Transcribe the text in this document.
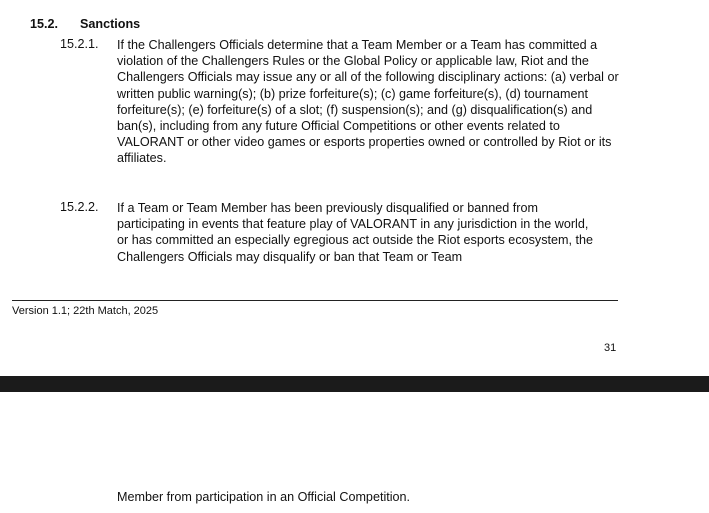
15.2. Sanctions
15.2.1. If the Challengers Officials determine that a Team Member or a Team has committed a violation of the Challengers Rules or the Global Policy or applicable law, Riot and the Challengers Officials may issue any or all of the following disciplinary actions: (a) verbal or written public warning(s); (b) prize forfeiture(s); (c) game forfeiture(s), (d) tournament forfeiture(s); (e) forfeiture(s) of a slot; (f) suspension(s); and (g) disqualification(s) and ban(s), including from any future Official Competitions or other events related to VALORANT or other video games or esports properties owned or controlled by Riot or its affiliates.
15.2.2. If a Team or Team Member has been previously disqualified or banned from participating in events that feature play of VALORANT in any jurisdiction in the world, or has committed an especially egregious act outside the Riot esports ecosystem, the Challengers Officials may disqualify or ban that Team or Team
Version 1.1; 22th Match, 2025
31
Member from participation in an Official Competition.
